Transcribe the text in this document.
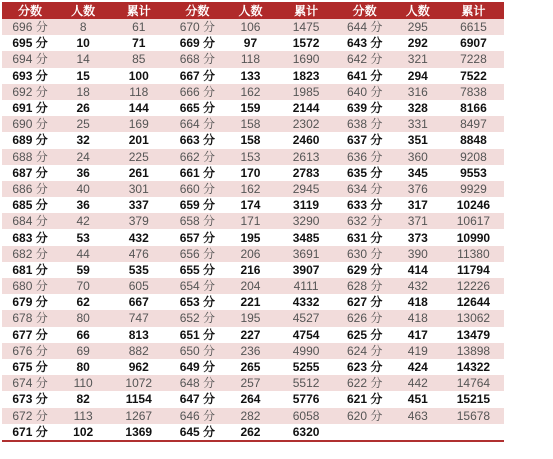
分数	人数	累计	分数	人数	累计	分数	人数	累计
696 分	8	61	670 分	106	1475	644 分	295	6615
695 分	10	71	669 分	97	1572	643 分	292	6907
694 分	14	85	668 分	118	1690	642 分	321	7228
693 分	15	100	667 分	133	1823	641 分	294	7522
692 分	18	118	666 分	162	1985	640 分	316	7838
691 分	26	144	665 分	159	2144	639 分	328	8166
690 分	25	169	664 分	158	2302	638 分	331	8497
689 分	32	201	663 分	158	2460	637 分	351	8848
688 分	24	225	662 分	153	2613	636 分	360	9208
687 分	36	261	661 分	170	2783	635 分	345	9553
686 分	40	301	660 分	162	2945	634 分	376	9929
685 分	36	337	659 分	174	3119	633 分	317	10246
684 分	42	379	658 分	171	3290	632 分	371	10617
683 分	53	432	657 分	195	3485	631 分	373	10990
682 分	44	476	656 分	206	3691	630 分	390	11380
681 分	59	535	655 分	216	3907	629 分	414	11794
680 分	70	605	654 分	204	4111	628 分	432	12226
679 分	62	667	653 分	221	4332	627 分	418	12644
678 分	80	747	652 分	195	4527	626 分	418	13062
677 分	66	813	651 分	227	4754	625 分	417	13479
676 分	69	882	650 分	236	4990	624 分	419	13898
675 分	80	962	649 分	265	5255	623 分	424	14322
674 分	110	1072	648 分	257	5512	622 分	442	14764
673 分	82	1154	647 分	264	5776	621 分	451	15215
672 分	113	1267	646 分	282	6058	620 分	463	15678
671 分	102	1369	645 分	262	6320			
